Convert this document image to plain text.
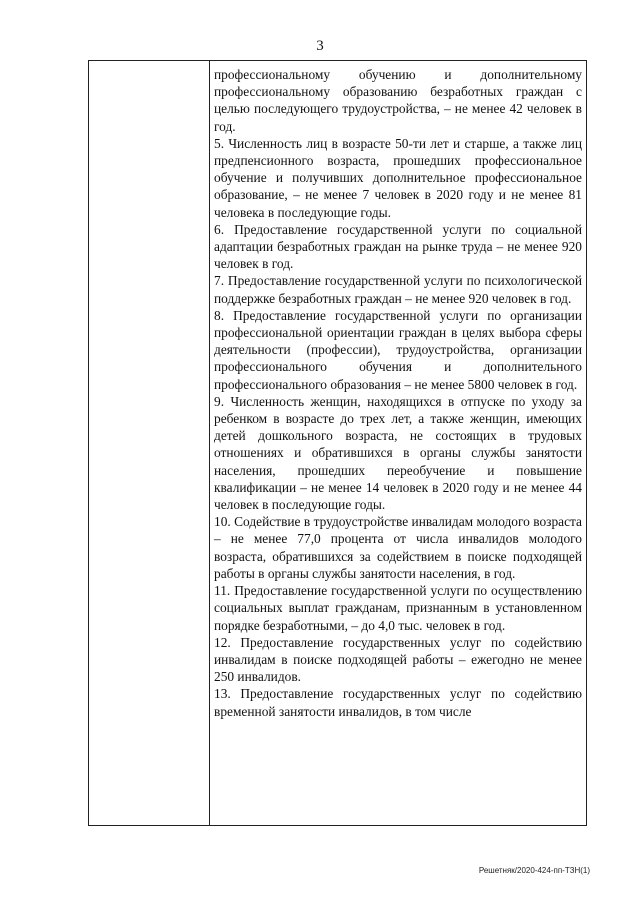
3

профессиональному обучению и дополнительному профессиональному образованию безработных граждан с целью последующего трудоустройства, – не менее 42 человек в год.

5. Численность лиц в возрасте 50-ти лет и старше, а также лиц предпенсионного возраста, прошедших профессиональное обучение и получивших дополнительное профессиональное образование, – не менее 7 человек в 2020 году и не менее 81 человека в последующие годы.

6. Предоставление государственной услуги по социальной адаптации безработных граждан на рынке труда – не менее 920 человек в год.

7. Предоставление государственной услуги по психологической поддержке безработных граждан – не менее 920 человек в год.

8. Предоставление государственной услуги по организации профессиональной ориентации граждан в целях выбора сферы деятельности (профессии), трудоустройства, организации профессионального обучения и дополнительного профессионального образования – не менее 5800 человек в год.

9. Численность женщин, находящихся в отпуске по уходу за ребенком в возрасте до трех лет, а также женщин, имеющих детей дошкольного возраста, не состоящих в трудовых отношениях и обратившихся в органы службы занятости населения, прошедших переобучение и повышение квалификации – не менее 14 человек в 2020 году и не менее 44 человек в последующие годы.

10. Содействие в трудоустройстве инвалидам молодого возраста – не менее 77,0 процента от числа инвалидов молодого возраста, обратившихся за содействием в поиске подходящей работы в органы службы занятости населения, в год.

11. Предоставление государственной услуги по осуществлению социальных выплат гражданам, признанным в установленном порядке безработными, – до 4,0 тыс. человек в год.

12. Предоставление государственных услуг по содействию инвалидам в поиске подходящей работы – ежегодно не менее 250 инвалидов.

13. Предоставление государственных услуг по содействию временной занятости инвалидов, в том числе

Решетняк/2020-424-пп-ТЗН(1)
